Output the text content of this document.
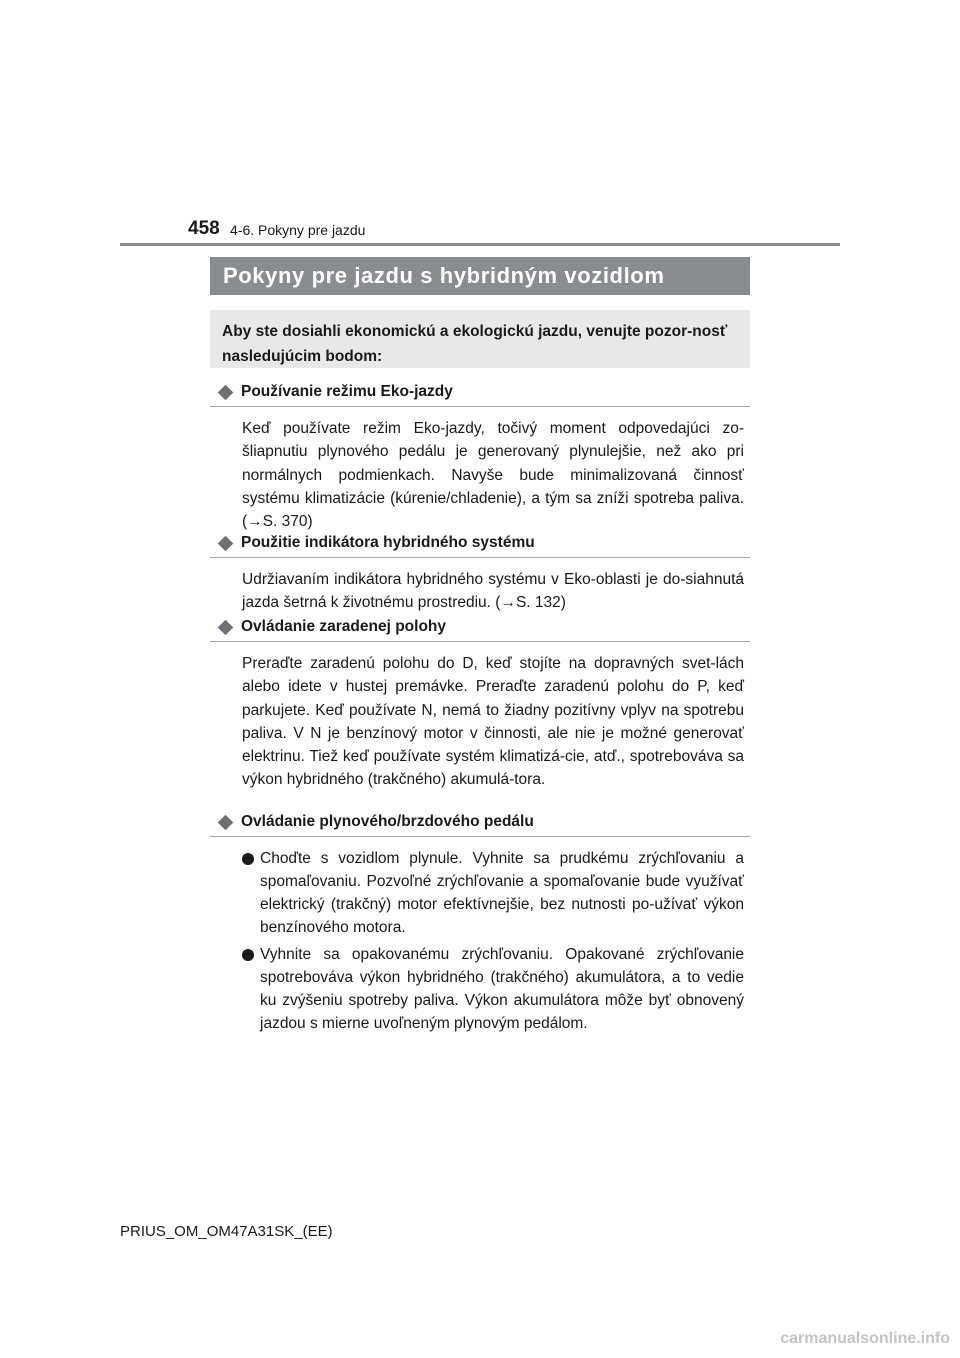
458 4-6. Pokyny pre jazdu
Pokyny pre jazdu s hybridným vozidlom
Aby ste dosiahli ekonomickú a ekologickú jazdu, venujte pozor-nosť nasledujúcim bodom:
Používanie režimu Eko-jazdy
Keď používate režim Eko-jazdy, točivý moment odpovedajúci zo-šliapnutiu plynového pedálu je generovaný plynulejšie, než ako pri normálnych podmienkach. Navyše bude minimalizovaná činnosť systému klimatizácie (kúrenie/chladenie), a tým sa zníži spotreba paliva. (→S. 370)
Použitie indikátora hybridného systému
Udržiavaním indikátora hybridného systému v Eko-oblasti je do-siahnutá jazda šetrná k životnému prostrediu. (→S. 132)
Ovládanie zaradenej polohy
Preraďte zaradenú polohu do D, keď stojíte na dopravných svet-lách alebo idete v hustej premávke. Preraďte zaradenú polohu do P, keď parkujete. Keď používate N, nemá to žiadny pozitívny vplyv na spotrebu paliva. V N je benzínový motor v činnosti, ale nie je možné generovať elektrinu. Tiež keď používate systém klimatizá-cie, atď., spotrebováva sa výkon hybridného (trakčného) akumulá-tora.
Ovládanie plynového/brzdového pedálu
Choďte s vozidlom plynule. Vyhnite sa prudkému zrýchľovaniu a spomaľovaniu. Pozvoľné zrýchľovanie a spomaľovanie bude využívať elektrický (trakčný) motor efektívnejšie, bez nutnosti po-užívať výkon benzínového motora.
Vyhnite sa opakovanému zrýchľovaniu. Opakované zrýchľovanie spotrebováva výkon hybridného (trakčného) akumulátora, a to vedie ku zvýšeniu spotreby paliva. Výkon akumulátora môže byť obnovený jazdou s mierne uvoľneným plynovým pedálom.
PRIUS_OM_OM47A31SK_(EE)
carmanualsonline.info
